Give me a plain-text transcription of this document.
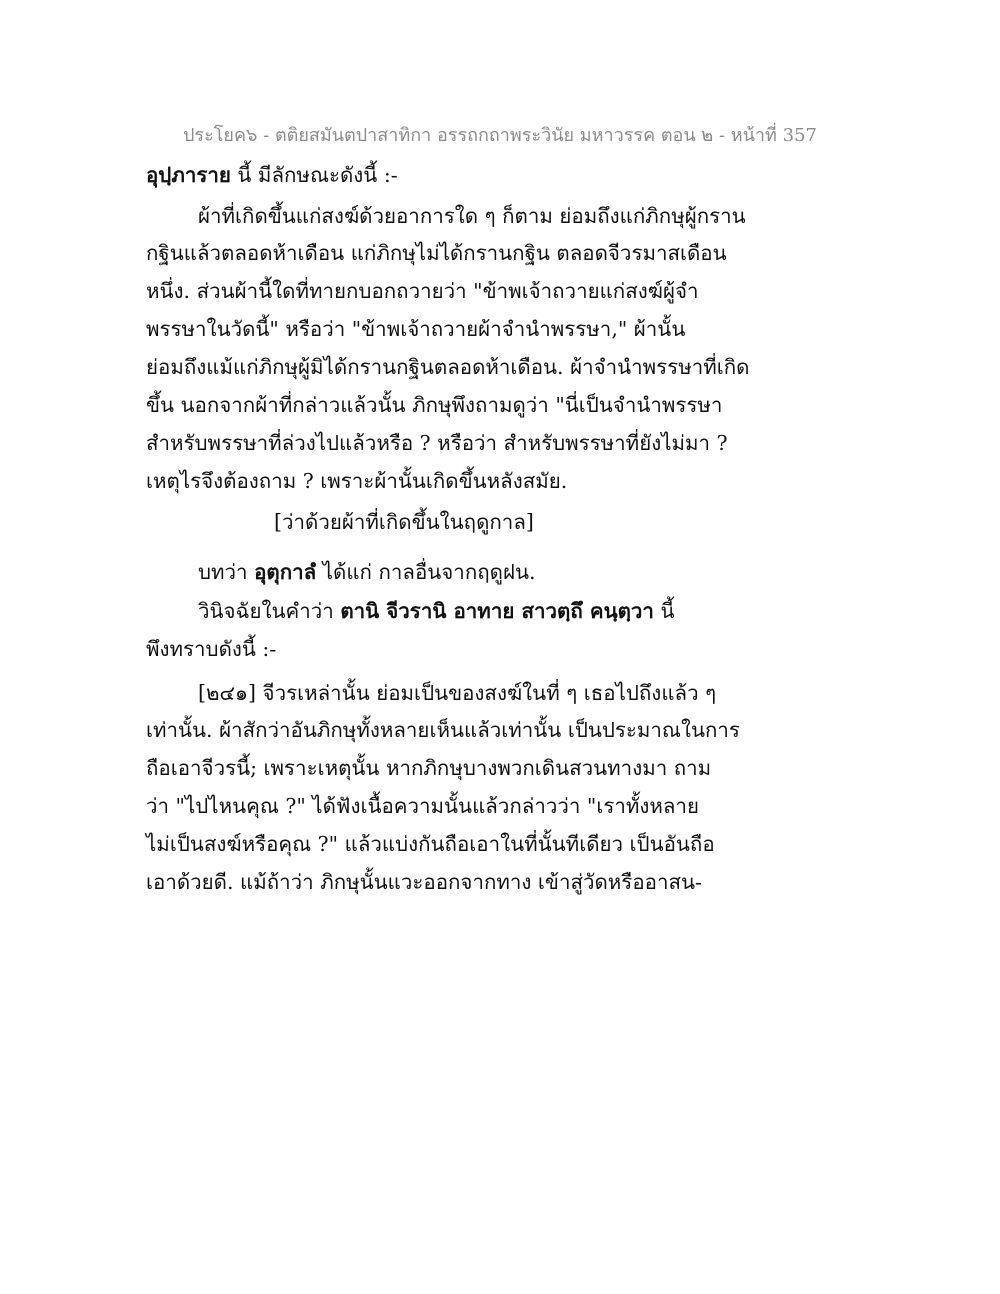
ประโยค๖ - ตติยสมันตปาสาทิกา อรรถกถาพระวินัย มหาวรรค ตอน ๒ - หน้าที่ 357
อุปฺภาราย นี้ มีลักษณะดังนี้ :-
ผ้าที่เกิดขึ้นแก่สงฆ์ด้วยอาการใด ๆ ก็ตาม ย่อมถึงแก่ภิกษุผู้กราน
กฐินแล้วตลอดห้าเดือน แก่ภิกษุไม่ได้กรานกฐิน ตลอดจีวรมาสเดือน
หนึ่ง. ส่วนผ้านี้ใดที่ทายกบอกถวายว่า "ข้าพเจ้าถวายแก่สงฆ์ผู้จำ
พรรษาในวัดนี้" หรือว่า "ข้าพเจ้าถวายผ้าจำนำพรรษา," ผ้านั้น
ย่อมถึงแม้แก่ภิกษุผู้มิได้กรานกฐินตลอดห้าเดือน. ผ้าจำนำพรรษาที่เกิด
ขึ้น นอกจากผ้าที่กล่าวแล้วนั้น ภิกษุพึงถามดูว่า "นี่เป็นจำนำพรรษา
สำหรับพรรษาที่ล่วงไปแล้วหรือ ? หรือว่า สำหรับพรรษาที่ยังไม่มา ?
เหตุไรจึงต้องถาม ? เพราะผ้านั้นเกิดขึ้นหลังสมัย.
[ว่าด้วยผ้าที่เกิดขึ้นในฤดูกาล]
บทว่า อุตุกาลํ ได้แก่ กาลอื่นจากฤดูฝน.
วินิจฉัยในคำว่า ตานิ จีวรานิ อาทาย สาวตฺถึ คนฺตฺวา นี้
พึงทราบดังนี้ :-
[๒๔๑] จีวรเหล่านั้น ย่อมเป็นของสงฆ์ในที่ ๆ เธอไปถึงแล้ว ๆ
เท่านั้น. ผ้าสักว่าอันภิกษุทั้งหลายเห็นแล้วเท่านั้น เป็นประมาณในการ
ถือเอาจีวรนี้; เพราะเหตุนั้น หากภิกษุบางพวกเดินสวนทางมา ถาม
ว่า "ไปไหนคุณ ?" ได้ฟังเนื้อความนั้นแล้วกล่าวว่า "เราทั้งหลาย
ไม่เป็นสงฆ์หรือคุณ ?" แล้วแบ่งกันถือเอาในที่นั้นทีเดียว เป็นอันถือ
เอาด้วยดี. แม้ถ้าว่า ภิกษุนั้นแวะออกจากทาง เข้าสู่วัดหรืออาสน-
